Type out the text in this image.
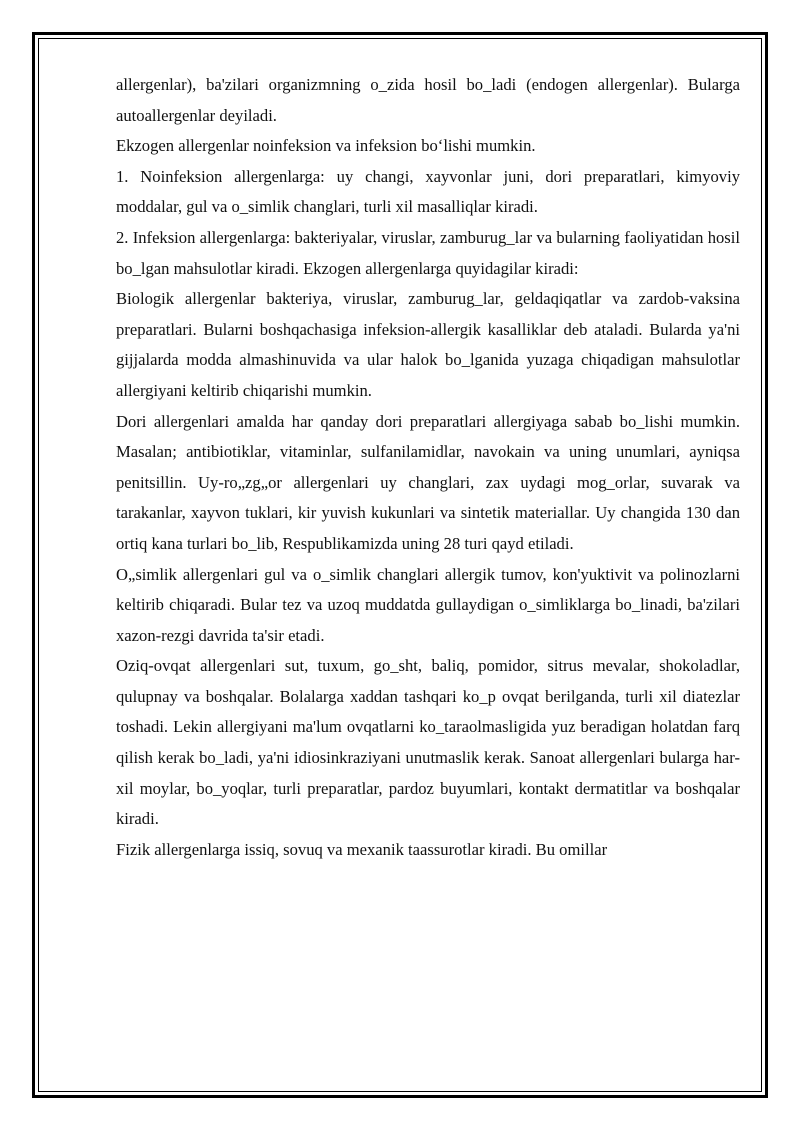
allergenlar), ba'zilari organizmning o_zida hosil bo_ladi (endogen allergenlar). Bularga autoallergenlar deyiladi.

Ekzogen allergenlar noinfeksion va infeksion boʻlishi mumkin.

1. Noinfeksion allergenlarga: uy changi, xayvonlar juni, dori preparatlari, kimyoviy moddalar, gul va o_simlik changlari, turli xil masalliqlar kiradi.

2. Infeksion allergenlarga: bakteriyalar, viruslar, zamburug_lar va bularning faoliyatidan hosil bo_lgan mahsulotlar kiradi. Ekzogen allergenlarga quyidagilar kiradi:

Biologik allergenlar bakteriya, viruslar, zamburug_lar, geldaqiqatlar va zardob-vaksina preparatlari. Bularni boshqachasiga infeksion-allergik kasalliklar deb ataladi. Bularda ya'ni gijjalarda modda almashinuvida va ular halok bo_lganida yuzaga chiqadigan mahsulotlar allergiyani keltirib chiqarishi mumkin.

Dori allergenlari amalda har qanday dori preparatlari allergiyaga sabab bo_lishi mumkin. Masalan; antibiotiklar, vitaminlar, sulfanilamidlar, navokain va uning unumlari, ayniqsa penitsillin. Uy-ro„zg„or allergenlari uy changlari, zax uydagi mog_orlar, suvarak va tarakanlar, xayvon tuklari, kir yuvish kukunlari va sintetik materiallar. Uy changida 130 dan ortiq kana turlari bo_lib, Respublikamizda uning 28 turi qayd etiladi.

O„simlik allergenlari gul va o_simlik changlari allergik tumov, kon'yuktivit va polinozlarni keltirib chiqaradi. Bular tez va uzoq muddatda gullaydigan o_simliklarga bo_linadi, ba'zilari xazon-rezgi davrida ta'sir etadi.

Oziq-ovqat allergenlari sut, tuxum, go_sht, baliq, pomidor, sitrus mevalar, shokoladlar, qulupnay va boshqalar. Bolalarga xaddan tashqari ko_p ovqat berilganda, turli xil diatezlar toshadi. Lekin allergiyani ma'lum ovqatlarni ko_taraolmasligida yuz beradigan holatdan farq qilish kerak bo_ladi, ya'ni idiosinkraziyani unutmaslik kerak. Sanoat allergenlari bularga har-xil moylar, bo_yoqlar, turli preparatlar, pardoz buyumlari, kontakt dermatitlar va boshqalar kiradi.

Fizik allergenlarga issiq, sovuq va mexanik taassurotlar kiradi. Bu omillar
